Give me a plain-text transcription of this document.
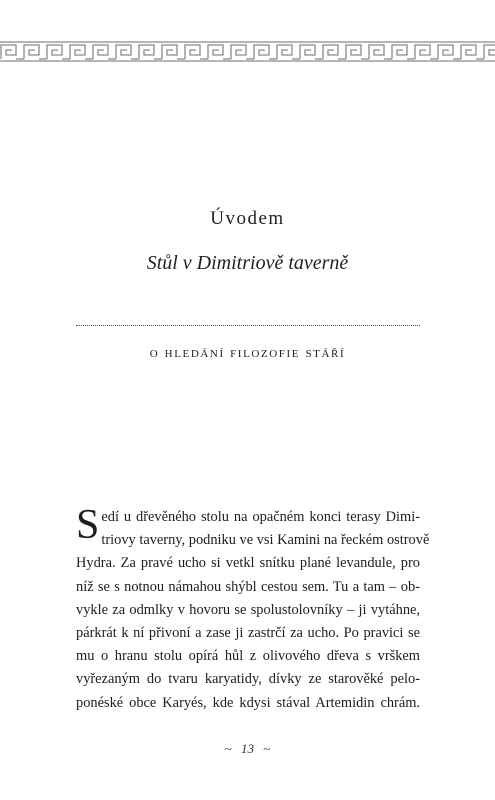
Úvodem
Stůl v Dimitriově taverně
o hledání filozofie stáří
S edí u dřevěného stolu na opačném konci terasy Dimi-
triovy taverny, podniku ve vsi Kamini na řeckém ostrově
Hydra. Za pravé ucho si vetkl snítku plané levandule, pro
níž se s notnou námahou shýbl cestou sem. Tu a tam – ob-
vykle za odmlky v hovoru se spolustolovníky – ji vytáhne,
párkrát k ní přivoní a zase ji zastrčí za ucho. Po pravici se
mu o hranu stolu opírá hůl z olivového dřeva s vrškem
vyřezaným do tvaru karyatidy, dívky ze starověké pelo-
ponéské obce Karyés, kde kdysi stával Artemidin chrám.
~ 13 ~
